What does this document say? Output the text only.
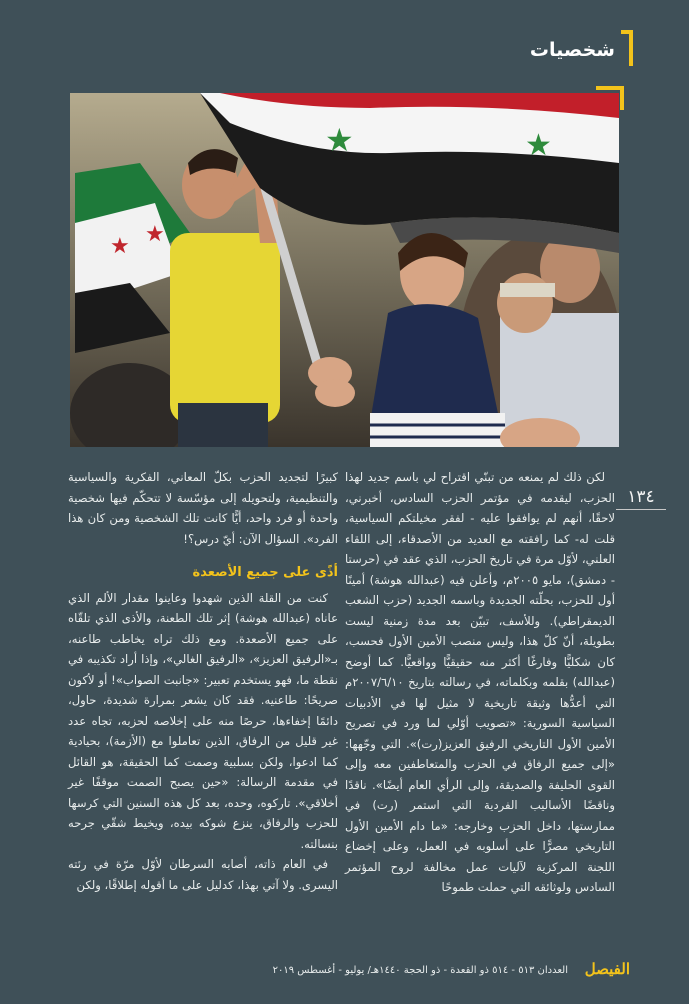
شخصيات
★ ★
★	★
١٣٤

لكن ذلك لم يمنعه من تبنّي اقتراح لي باسم جديد لهذا الحزب، ليقدمه في مؤتمر الحزب السادس، أخبرني، لاحقًا، أنهم لم يوافقوا عليه - لفقر مخيلتكم السياسية، قلت له- كما رافقته مع العديد من الأصدقاء، إلى اللقاء العلني، لأوّل مرة في تاريخ الحزب، الذي عقد في (حرستا - دمشق)، مايو ٢٠٠٥م، وأعلن فيه (عبدالله هوشة) أمينًا أول للحزب، بحلّته الجديدة وباسمه الجديد (حزب الشعب الديمقراطي). وللأسف، تبيّن بعد مدة زمنية ليست بطويلة، أنّ كلّ هذا، وليس منصب الأمين الأول فحسب، كان شكليًّا وفارغًا أكثر منه حقيقيًّا وواقعيًّا. كما أوضح (عبدالله) بقلمه وبكلماته، في رسالته بتاريخ ٢٠٠٧/٦/١٠م التي أعدُّها وثيقة تاريخية لا مثيل لها في الأدبيات السياسية السورية: «تصويب أوّلي لما ورد في تصريح الأمين الأول التاريخي الرفيق العزيز(رت)». التي وجّهها: «إلى جميع الرفاق في الحزب والمتعاطفين معه وإلى القوى الحليفة والصديقة، وإلى الرأي العام أيضًا». ناقدًا وناقضًا الأساليب الفردية التي استمر (رت) في ممارستها، داخل الحزب وخارجه: «ما دام الأمين الأول التاريخي مصرًّا على أسلوبه في العمل، وعلى إخضاع اللجنة المركزية لآليات عمل مخالفة لروح المؤتمر السادس ولوثائقه التي حملت طموحًا

كبيرًا لتجديد الحزب بكلّ المعاني، الفكرية والسياسية والتنظيمية، ولتحويله إلى مؤسّسة لا تتحكّم فيها شخصية واحدة أو فرد واحد، أيًّا كانت تلك الشخصية ومن كان هذا الفرد». السؤال الآن: أيّ درس؟!

أذًى على جميع الأصعدة

كنت من القلة الذين شهدوا وعاينوا مقدار الألم الذي عاناه (عبدالله هوشة) إثر تلك الطعنة، والأذى الذي تلقّاه على جميع الأصعدة. ومع ذلك تراه يخاطب طاعنه، بـ«الرفيق العزيز»، «الرفيق الغالي»، وإذا أراد تكذيبه في نقطة ما، فهو يستخدم تعبير: «جانبت الصواب»! أو لأكون صريحًا: طاعنيه. فقد كان يشعر بمرارة شديدة، حاول، دائمًا إخفاءها، حرصًا منه على إخلاصه لحزبه، تجاه عدد غير قليل من الرفاق، الذين تعاملوا مع (الأزمة)، بحيادية كما ادعوا، ولكن بسلبية وصمت كما الحقيقة، هو القائل في مقدمة الرسالة: «حين يصبح الصمت موقفًا غير أخلاقي». تاركوه، وحده، بعد كل هذه السنين التي كرسها للحزب والرفاق، ينزع شوكه بيده، ويخيط شقّي جرحه بنسالته.

في العام ذاته، أصابه السرطان لأوّل مرّة في رئته اليسرى. ولا آتي بهذا، كدليل على ما أقوله إطلاقًا، ولكن

الفيصل
العددان ٥١٣ - ٥١٤ ذو القعدة - ذو الحجة ١٤٤٠هـ/ يوليو - أغسطس ٢٠١٩
